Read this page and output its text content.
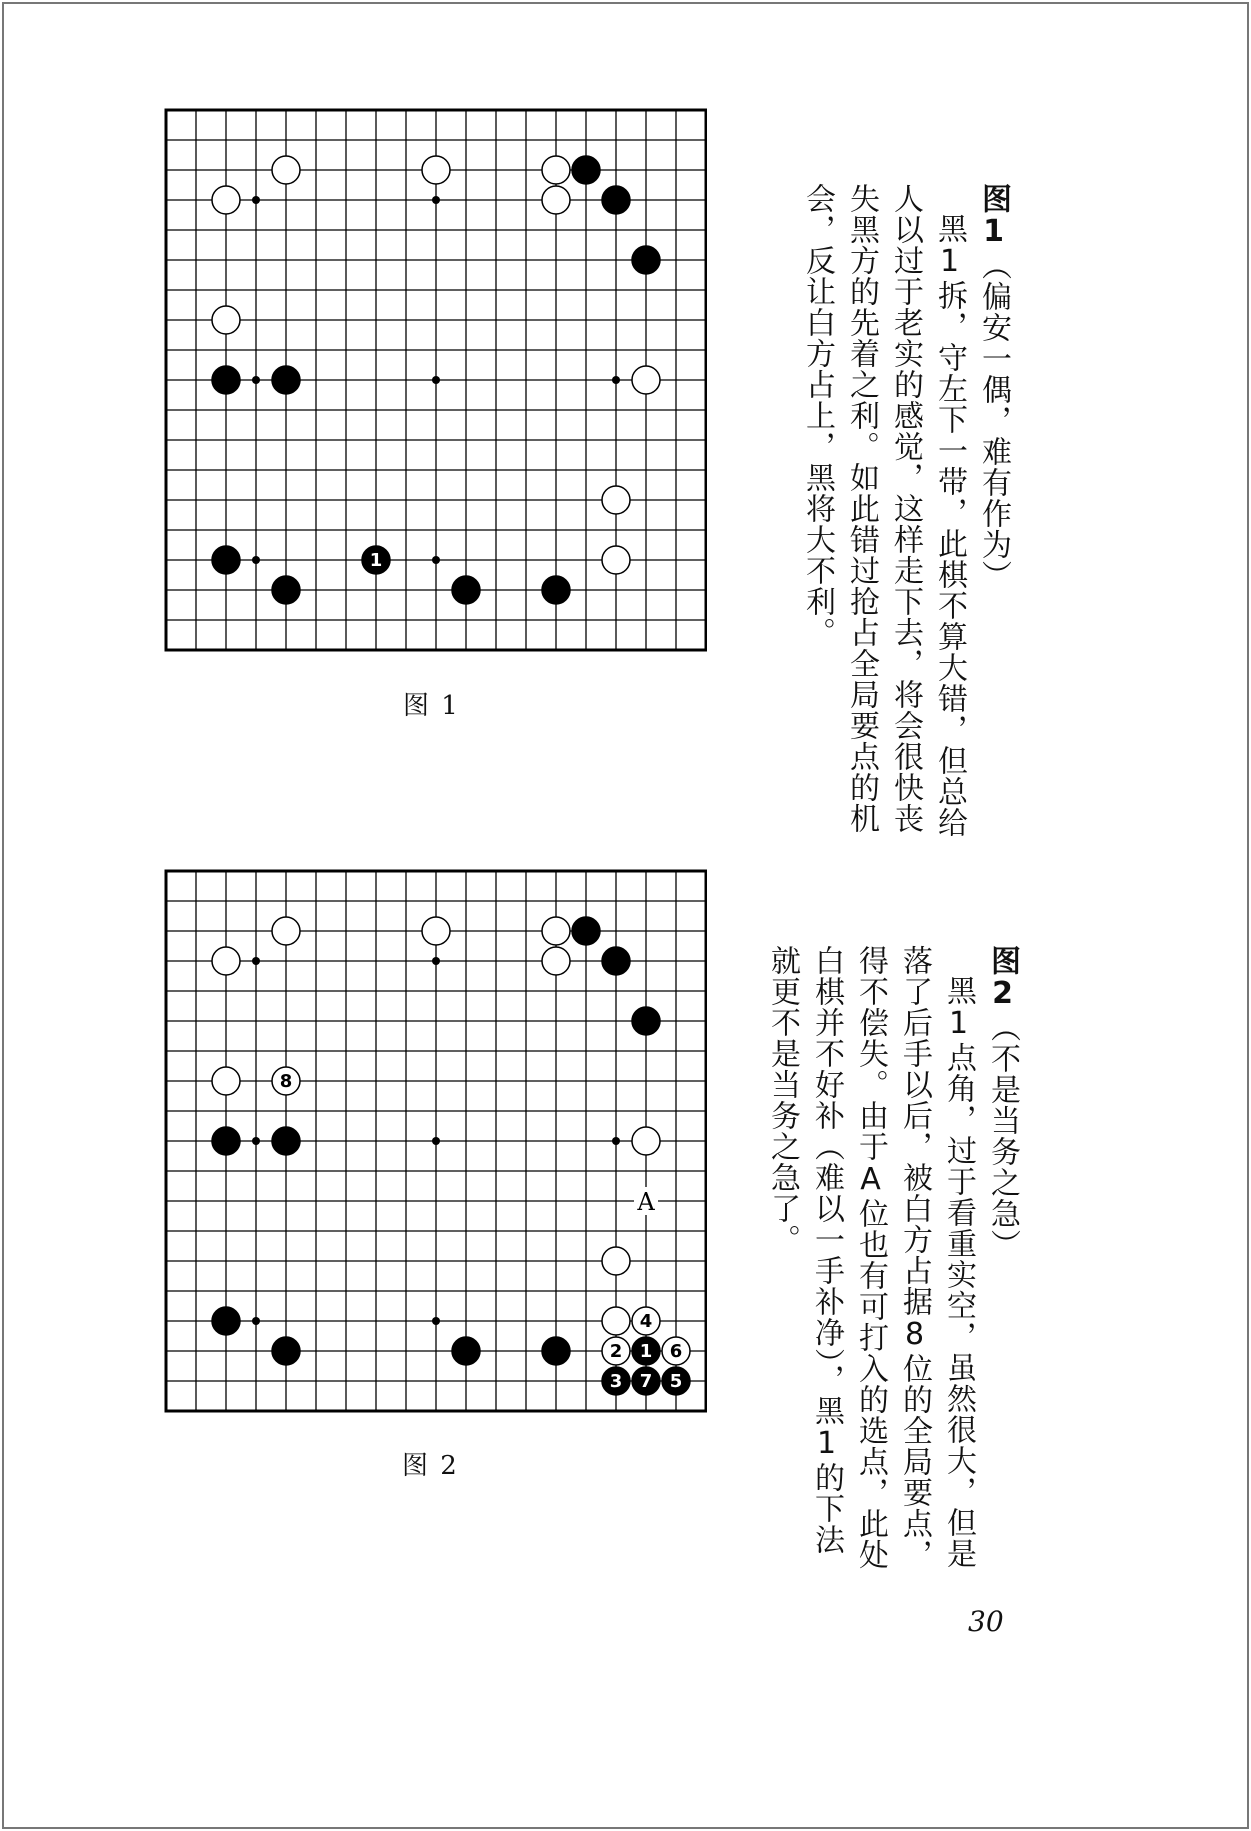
1
图 1

图1（偏安一偶，难有作为）

黑1拆，守左下一带，此棋不算大错，但总给人以过于老实的感觉，这样走下去，将会很快丧失黑方的先着之利。如此错过抢占全局要点的机会，反让白方占上，黑将大不利。

8
4
2 1 6
3 7 5
A
图 2

图2（不是当务之急）

黑1点角，过于看重实空，虽然很大，但是落了后手以后，被白方占据8位的全局要点，得不偿失。由于A位也有可打入的选点，此处白棋并不好补（难以一手补净），黑1的下法就更不是当务之急了。

30
